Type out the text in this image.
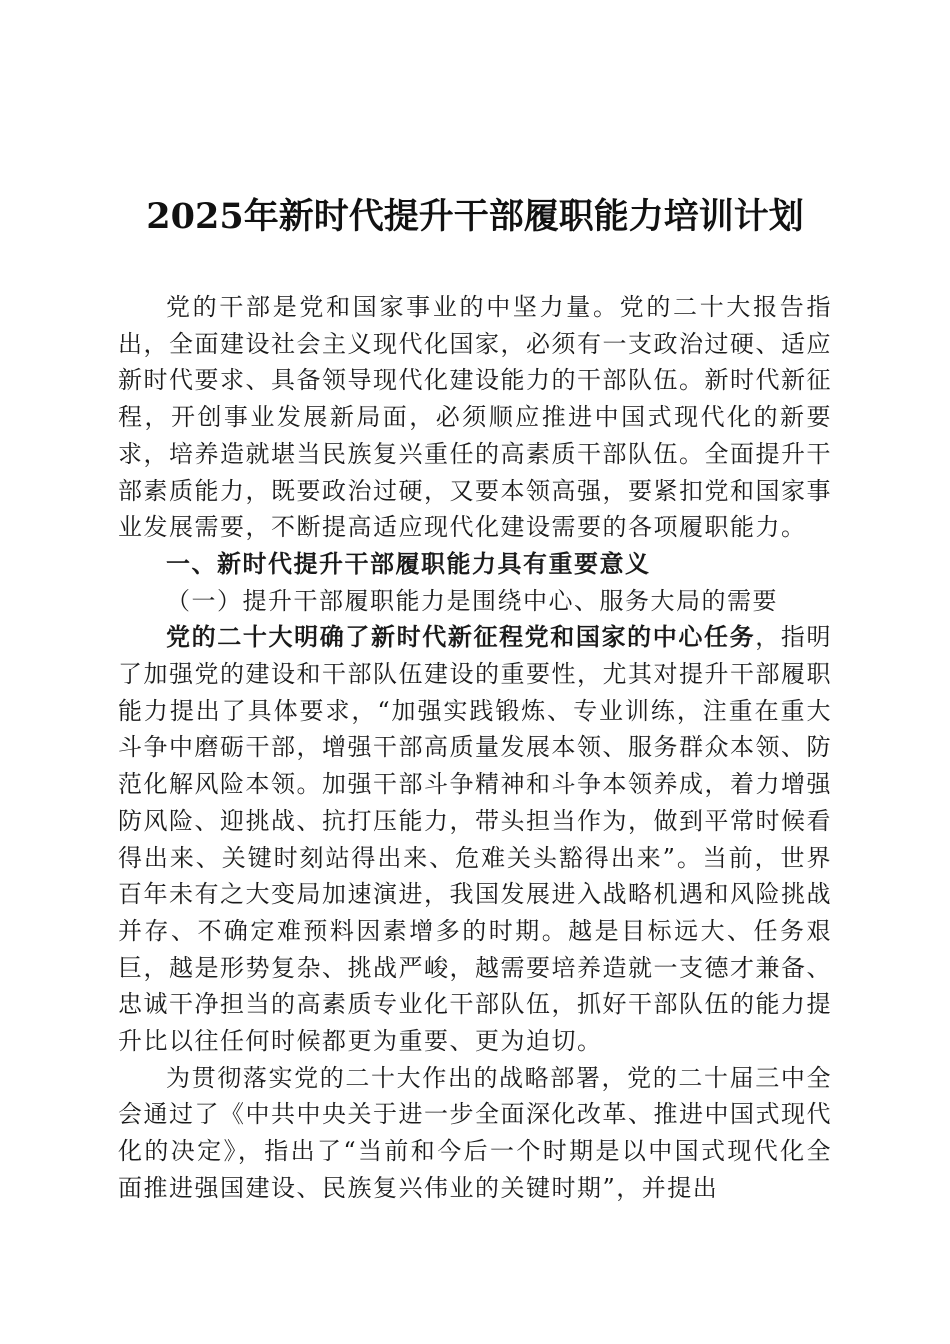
2025年新时代提升干部履职能力培训计划

党的干部是党和国家事业的中坚力量。党的二十大报告指出，全面建设社会主义现代化国家，必须有一支政治过硬、适应新时代要求、具备领导现代化建设能力的干部队伍。新时代新征程，开创事业发展新局面，必须顺应推进中国式现代化的新要求，培养造就堪当民族复兴重任的高素质干部队伍。全面提升干部素质能力，既要政治过硬，又要本领高强，要紧扣党和国家事业发展需要，不断提高适应现代化建设需要的各项履职能力。

一、新时代提升干部履职能力具有重要意义

（一）提升干部履职能力是围绕中心、服务大局的需要

党的二十大明确了新时代新征程党和国家的中心任务，指明了加强党的建设和干部队伍建设的重要性，尤其对提升干部履职能力提出了具体要求，“加强实践锻炼、专业训练，注重在重大斗争中磨砺干部，增强干部高质量发展本领、服务群众本领、防范化解风险本领。加强干部斗争精神和斗争本领养成，着力增强防风险、迎挑战、抗打压能力，带头担当作为，做到平常时候看得出来、关键时刻站得出来、危难关头豁得出来”。当前，世界百年未有之大变局加速演进，我国发展进入战略机遇和风险挑战并存、不确定难预料因素增多的时期。越是目标远大、任务艰巨，越是形势复杂、挑战严峻，越需要培养造就一支德才兼备、忠诚干净担当的高素质专业化干部队伍，抓好干部队伍的能力提升比以往任何时候都更为重要、更为迫切。

为贯彻落实党的二十大作出的战略部署，党的二十届三中全会通过了《中共中央关于进一步全面深化改革、推进中国式现代化的决定》，指出了“当前和今后一个时期是以中国式现代化全面推进强国建设、民族复兴伟业的关键时期”，并提出
